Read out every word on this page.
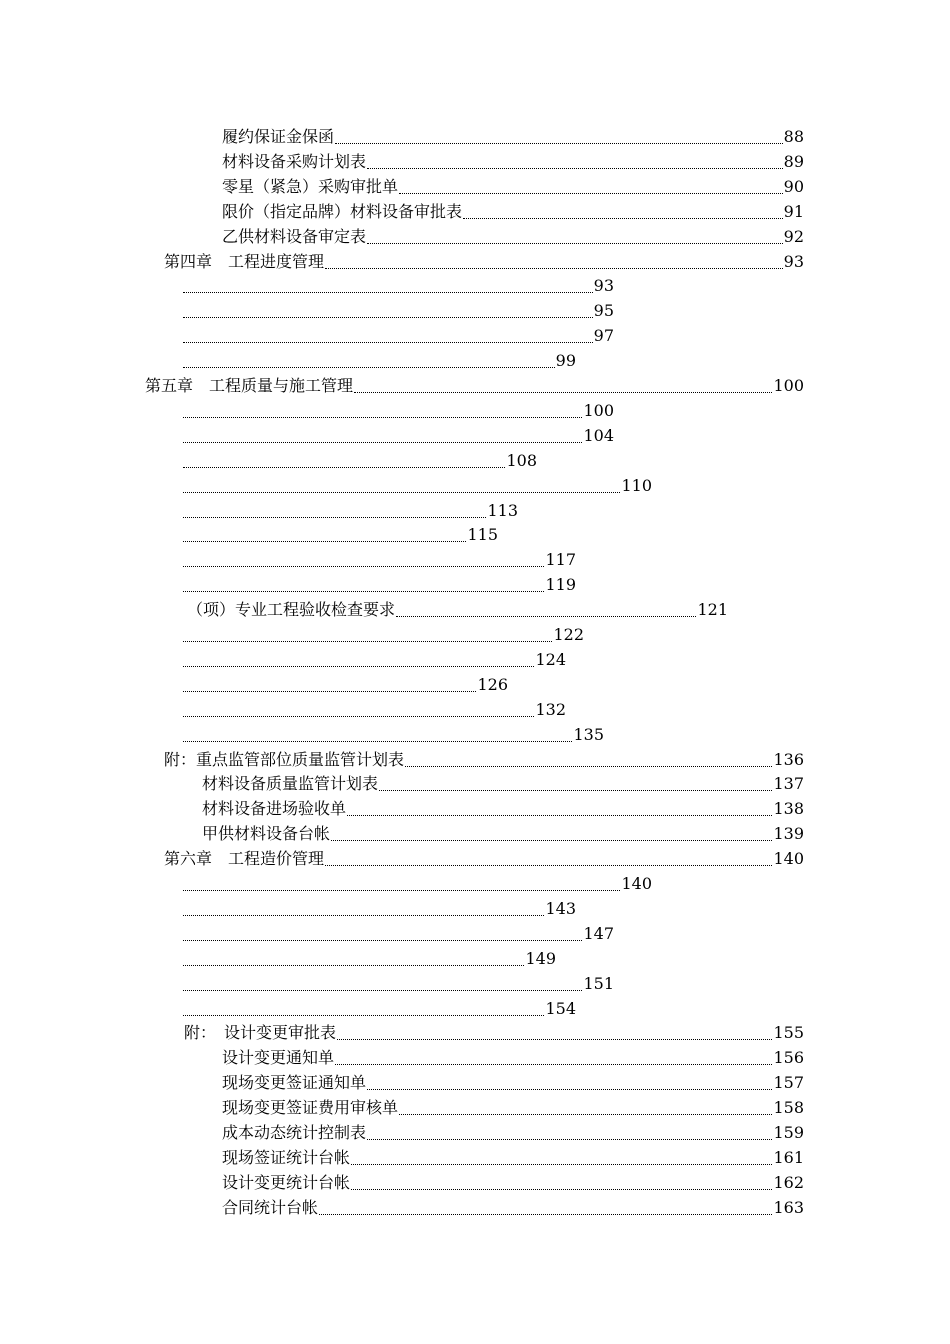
履约保证金保函	88
材料设备采购计划表	89
零星（紧急）采购审批单	90
限价（指定品牌）材料设备审批表	91
乙供材料设备审定表	92
第四章　工程进度管理	93
93
95
97
99
第五章　工程质量与施工管理	100
100
104
108
110
113
115
117
119
（项）专业工程验收检查要求	121
122
124
126
132
135
附：重点监管部位质量监管计划表	136
材料设备质量监管计划表	137
材料设备进场验收单	138
甲供材料设备台帐	139
第六章　工程造价管理	140
140
143
147
149
151
154
附：　设计变更审批表	155
设计变更通知单	156
现场变更签证通知单	157
现场变更签证费用审核单	158
成本动态统计控制表	159
现场签证统计台帐	161
设计变更统计台帐	162
合同统计台帐	163
